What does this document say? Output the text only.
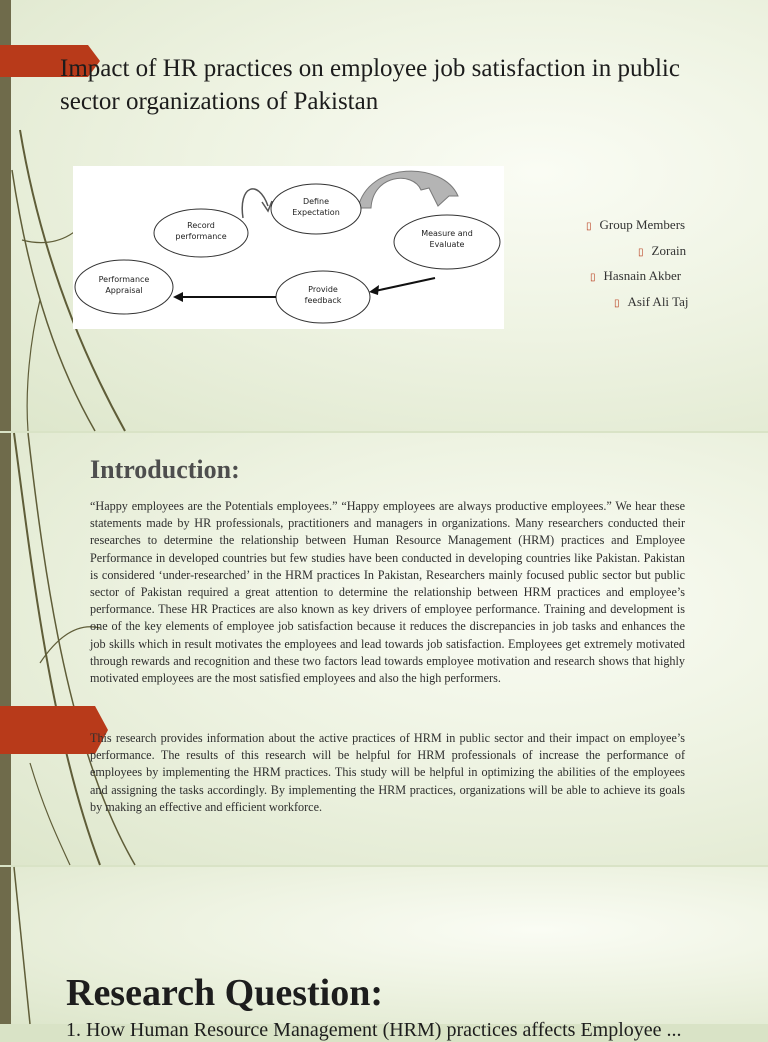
Impact of HR practices on employee job satisfaction in public sector organizations of Pakistan
Define
Expectation
Record
performance	Measure and
Evaluate
Performance
Appraisal	Provide
feedback
▯ Group Members
▯ Zorain
▯ Hasnain Akber
▯ Asif Ali Taj
Introduction:

“Happy employees are the Potentials employees.” “Happy employees are always productive employees.” We hear these statements made by HR professionals, practitioners and managers in organizations. Many researchers conducted their researches to determine the relationship between Human Resource Management (HRM) practices and Employee Performance in developed countries but few studies have been conducted in developing countries like Pakistan. Pakistan is considered ‘under-researched’ in the HRM practices In Pakistan, Researchers mainly focused public sector but public sector of Pakistan required a great attention to determine the relationship between HRM practices and employee’s performance. These HR Practices are also known as key drivers of employee performance. Training and development is one of the key elements of employee job satisfaction because it reduces the discrepancies in job tasks and enhances the job skills which in result motivates the employees and lead towards job satisfaction. Employees get extremely motivated through rewards and recognition and these two factors lead towards employee motivation and research shows that highly motivated employees are the most satisfied employees and also the high performers.

This research provides information about the active practices of HRM in public sector and their impact on employee’s performance. The results of this research will be helpful for HRM professionals of increase the performance of employees by implementing the HRM practices. This study will be helpful in optimizing the abilities of the employees and assigning the tasks accordingly. By implementing the HRM practices, organizations will be able to achieve its goals by making an effective and efficient workforce.

Research Question:

1. How Human Resource Management (HRM) practices affects Employee ...
